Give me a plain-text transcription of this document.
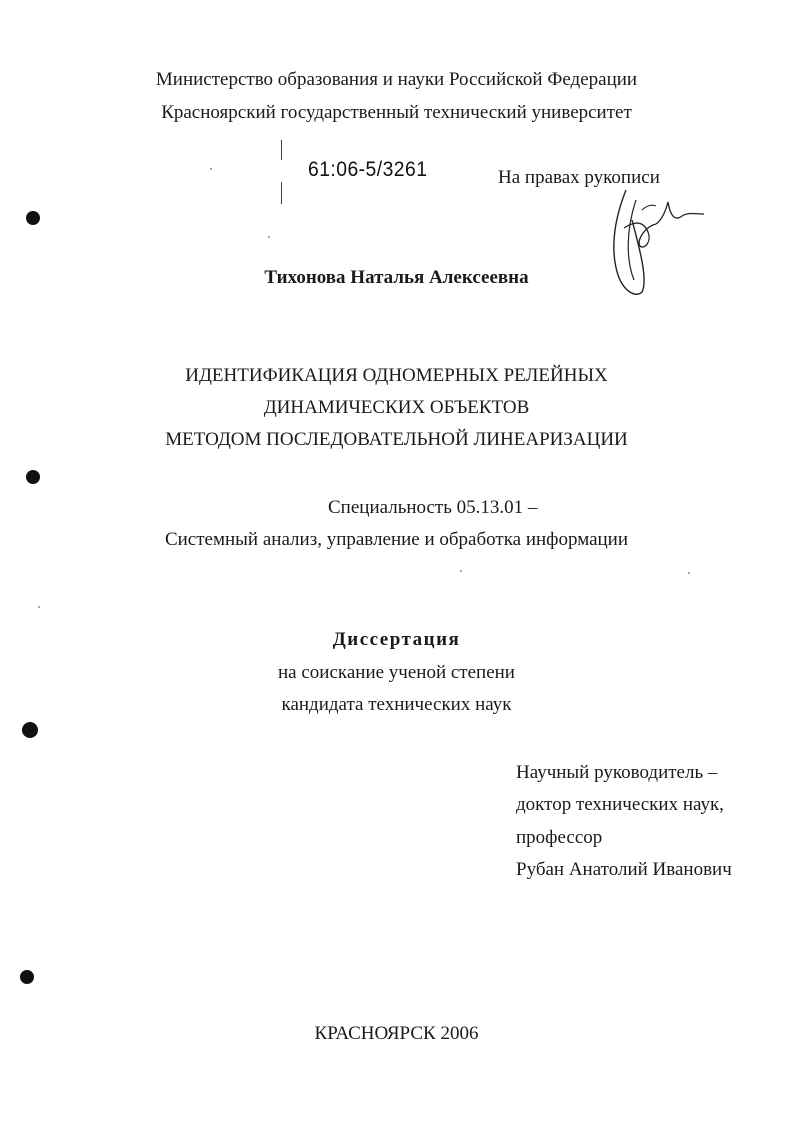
Министерство образования и науки Российской Федерации
Красноярский государственный технический университет
61:06-5/3261	На правах рукописи
Тихонова Наталья Алексеевна
ИДЕНТИФИКАЦИЯ ОДНОМЕРНЫХ РЕЛЕЙНЫХ
ДИНАМИЧЕСКИХ ОБЪЕКТОВ
МЕТОДОМ ПОСЛЕДОВАТЕЛЬНОЙ ЛИНЕАРИЗАЦИИ
Специальность 05.13.01 –
Системный анализ, управление и обработка информации
Диссертация
на соискание ученой степени
кандидата технических наук
Научный руководитель –
доктор технических наук,
профессор
Рубан Анатолий Иванович
КРАСНОЯРСК 2006
